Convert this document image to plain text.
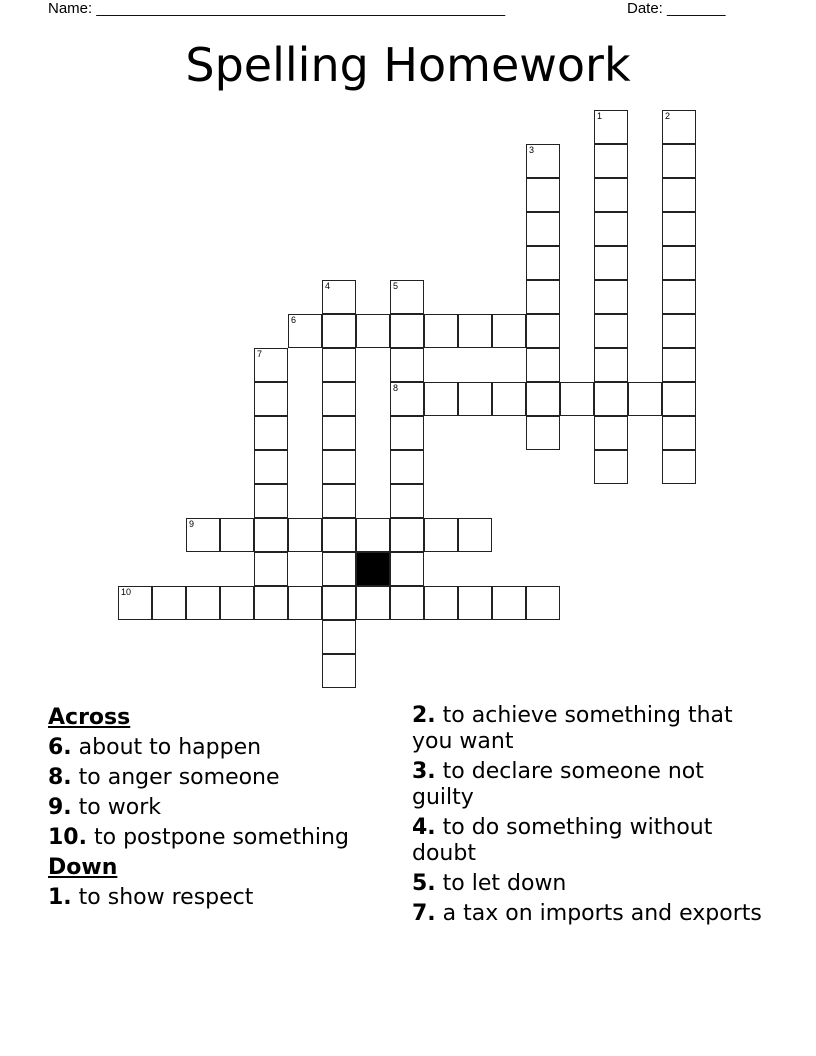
Name: _________________________________________________	Date: _______
Spelling Homework
1	2
3
4	5
8
6
7
9
10
Across
6. about to happen
8. to anger someone
9. to work
10. to postpone something
Down
1. to show respect
2. to achieve something that you want
3. to declare someone not guilty
4. to do something without doubt
5. to let down
7. a tax on imports and exports
